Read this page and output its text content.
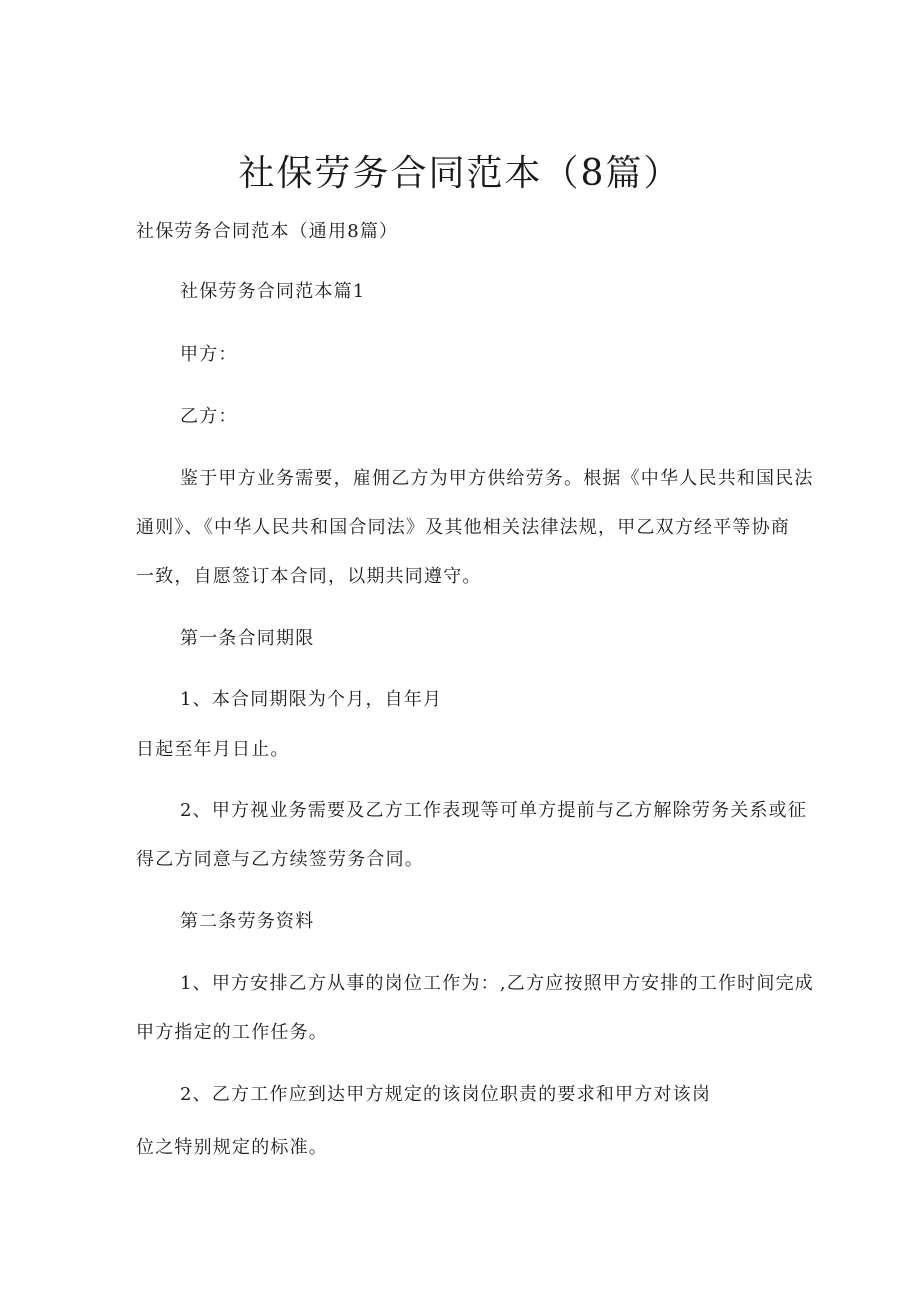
社保劳务合同范本（8篇）
社保劳务合同范本（通用8篇）
社保劳务合同范本篇1
甲方：
乙方：
鉴于甲方业务需要，雇佣乙方为甲方供给劳务。根据《中华人民共和国民法
通则》、《中华人民共和国合同法》及其他相关法律法规，甲乙双方经平等协商
一致，自愿签订本合同，以期共同遵守。
第一条合同期限
1、本合同期限为个月，自年月
日起至年月日止。
2、甲方视业务需要及乙方工作表现等可单方提前与乙方解除劳务关系或征
得乙方同意与乙方续签劳务合同。
第二条劳务资料
1、甲方安排乙方从事的岗位工作为：,乙方应按照甲方安排的工作时间完成
甲方指定的工作任务。
2、乙方工作应到达甲方规定的该岗位职责的要求和甲方对该岗
位之特别规定的标准。
